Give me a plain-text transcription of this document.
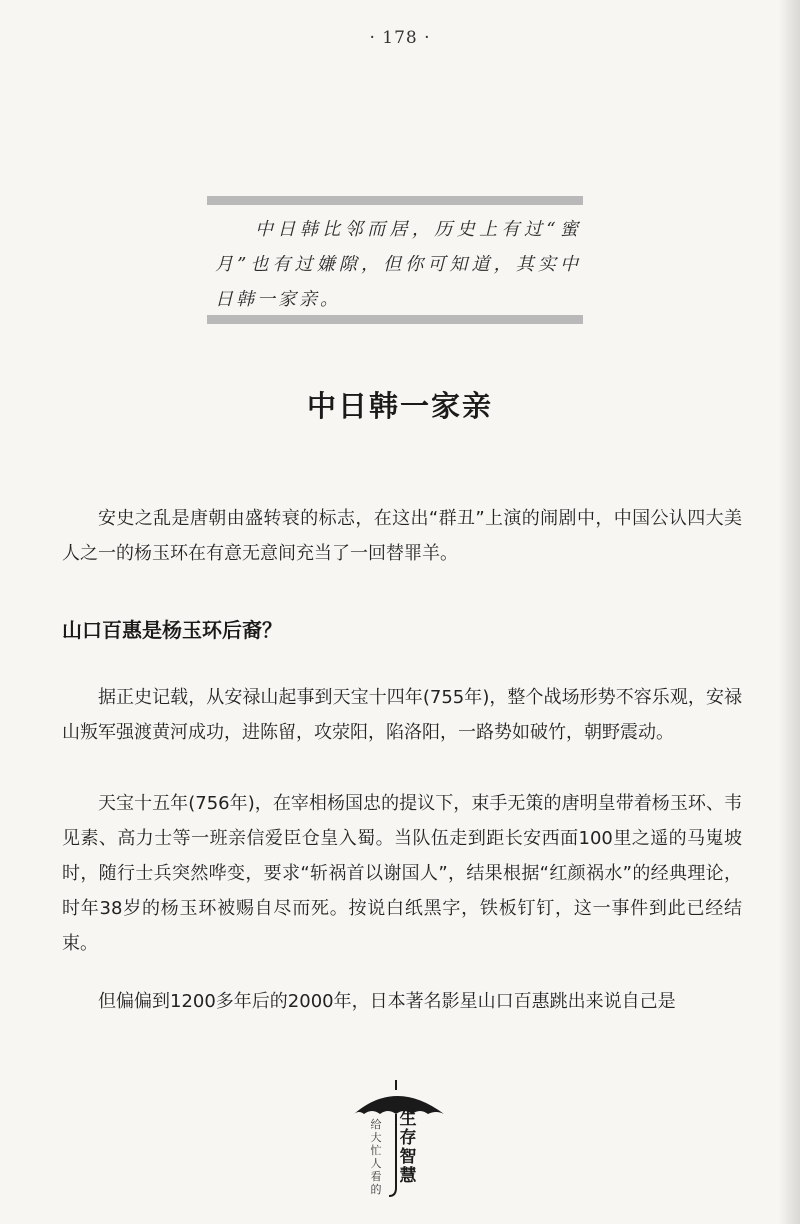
· 178 ·
中日韩比邻而居，历史上有过“蜜月”也有过嫌隙，但你可知道，其实中日韩一家亲。
中日韩一家亲
安史之乱是唐朝由盛转衰的标志，在这出“群丑”上演的闹剧中，中国公认四大美人之一的杨玉环在有意无意间充当了一回替罪羊。
山口百惠是杨玉环后裔？
据正史记载，从安禄山起事到天宝十四年(755年)，整个战场形势不容乐观，安禄山叛军强渡黄河成功，进陈留，攻荥阳，陷洛阳，一路势如破竹，朝野震动。
天宝十五年(756年)，在宰相杨国忠的提议下，束手无策的唐明皇带着杨玉环、韦见素、高力士等一班亲信爱臣仓皇入蜀。当队伍走到距长安西面100里之遥的马嵬坡时，随行士兵突然哗变，要求“斩祸首以谢国人”，结果根据“红颜祸水”的经典理论，时年38岁的杨玉环被赐自尽而死。按说白纸黑字，铁板钉钉，这一事件到此已经结束。
但偏偏到1200多年后的2000年，日本著名影星山口百惠跳出来说自己是
给大忙人看的
生存智慧
